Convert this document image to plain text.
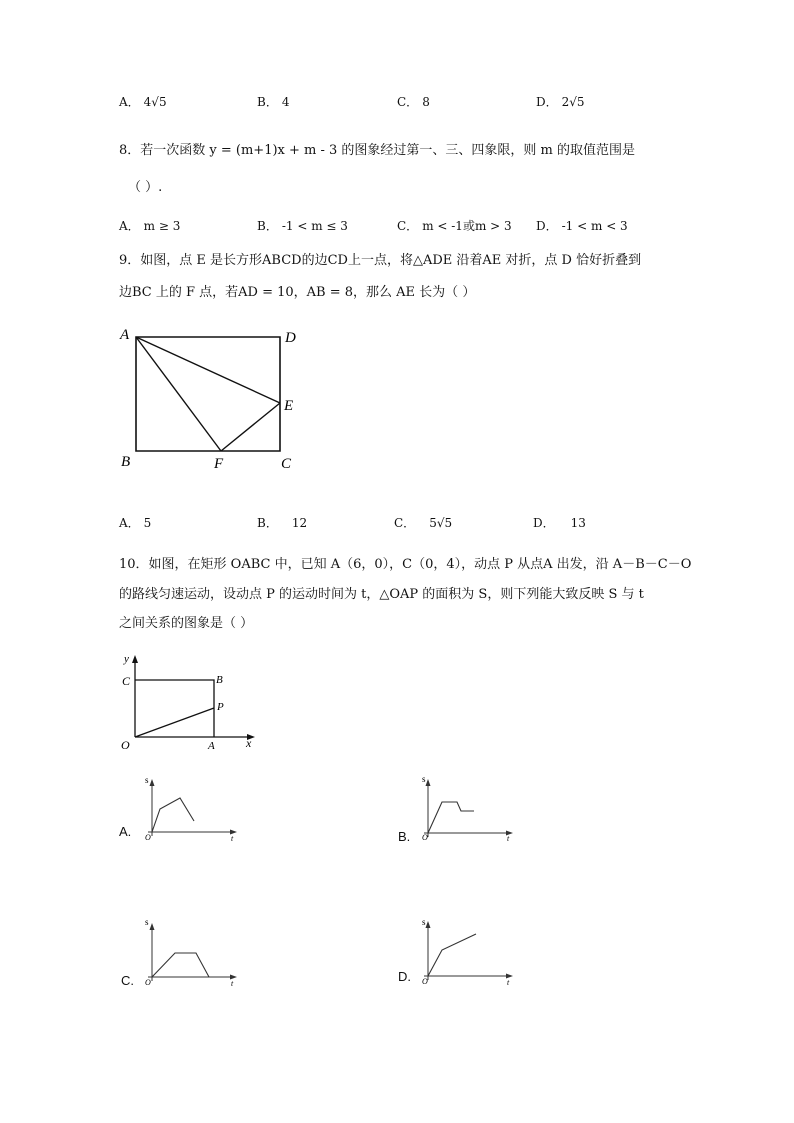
A． 4√5	B． 4	C． 8	D． 2√5
8．若一次函数 y = (m+1)x + m - 3 的图象经过第一、三、四象限，则 m 的取值范围是
（ ）.
A． m ≥ 3	B． -1 < m ≤ 3	C． m < -1或m > 3 D． -1 < m < 3
9．如图，点 E 是长方形ABCD的边CD上一点，将△ADE 沿着AE 对折，点 D 恰好折叠到
边BC 上的 F 点，若AD = 10，AB = 8，那么 AE 长为（ ）
A	D
E
B	F	C
A． 5	B． 12	C． 5√5	D． 13
10．如图，在矩形 OABC 中，已知 A（6，0），C（0，4），动点 P 从点A 出发，沿 A－B－C－O
的路线匀速运动，设动点 P 的运动时间为 t，△OAP 的面积为 S，则下列能大致反映 S 与 t
之间关系的图象是（ ）
y
C	B
P
O	A	x
A.
s
O	t	B.
s
O	t
C.
s
O	t	D.
s
O	t
